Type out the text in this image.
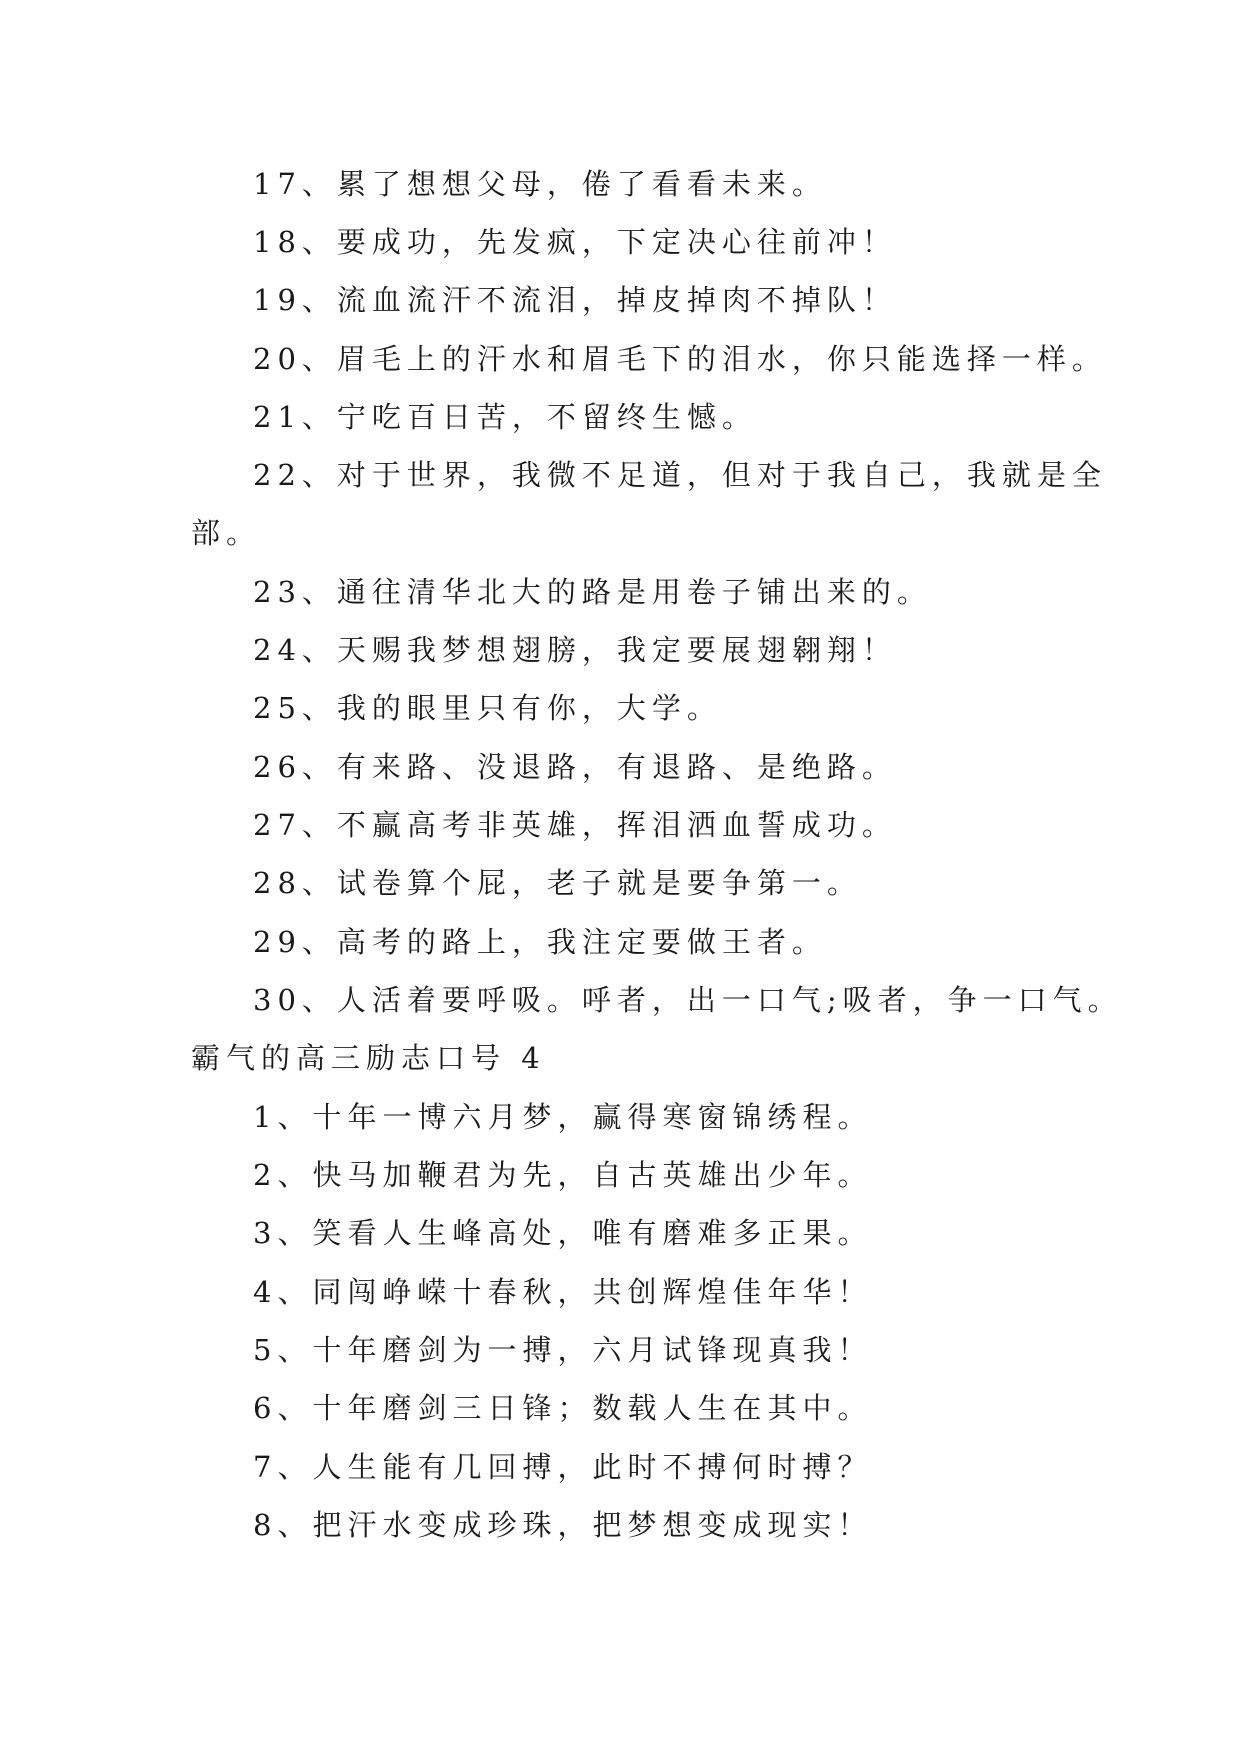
17、累了想想父母，倦了看看未来。
18、要成功，先发疯，下定决心往前冲！
19、流血流汗不流泪，掉皮掉肉不掉队！
20、眉毛上的汗水和眉毛下的泪水，你只能选择一样。
21、宁吃百日苦，不留终生憾。
22、对于世界，我微不足道，但对于我自己，我就是全
部。
23、通往清华北大的路是用卷子铺出来的。
24、天赐我梦想翅膀，我定要展翅翱翔！
25、我的眼里只有你，大学。
26、有来路、没退路，有退路、是绝路。
27、不赢高考非英雄，挥泪洒血誓成功。
28、试卷算个屁，老子就是要争第一。
29、高考的路上，我注定要做王者。
30、人活着要呼吸。呼者，出一口气;吸者，争一口气。
霸气的高三励志口号 4
1、十年一博六月梦，赢得寒窗锦绣程。
2、快马加鞭君为先，自古英雄出少年。
3、笑看人生峰高处，唯有磨难多正果。
4、同闯峥嵘十春秋，共创辉煌佳年华！
5、十年磨剑为一搏，六月试锋现真我！
6、十年磨剑三日锋；数载人生在其中。
7、人生能有几回搏，此时不搏何时搏？
8、把汗水变成珍珠，把梦想变成现实！
